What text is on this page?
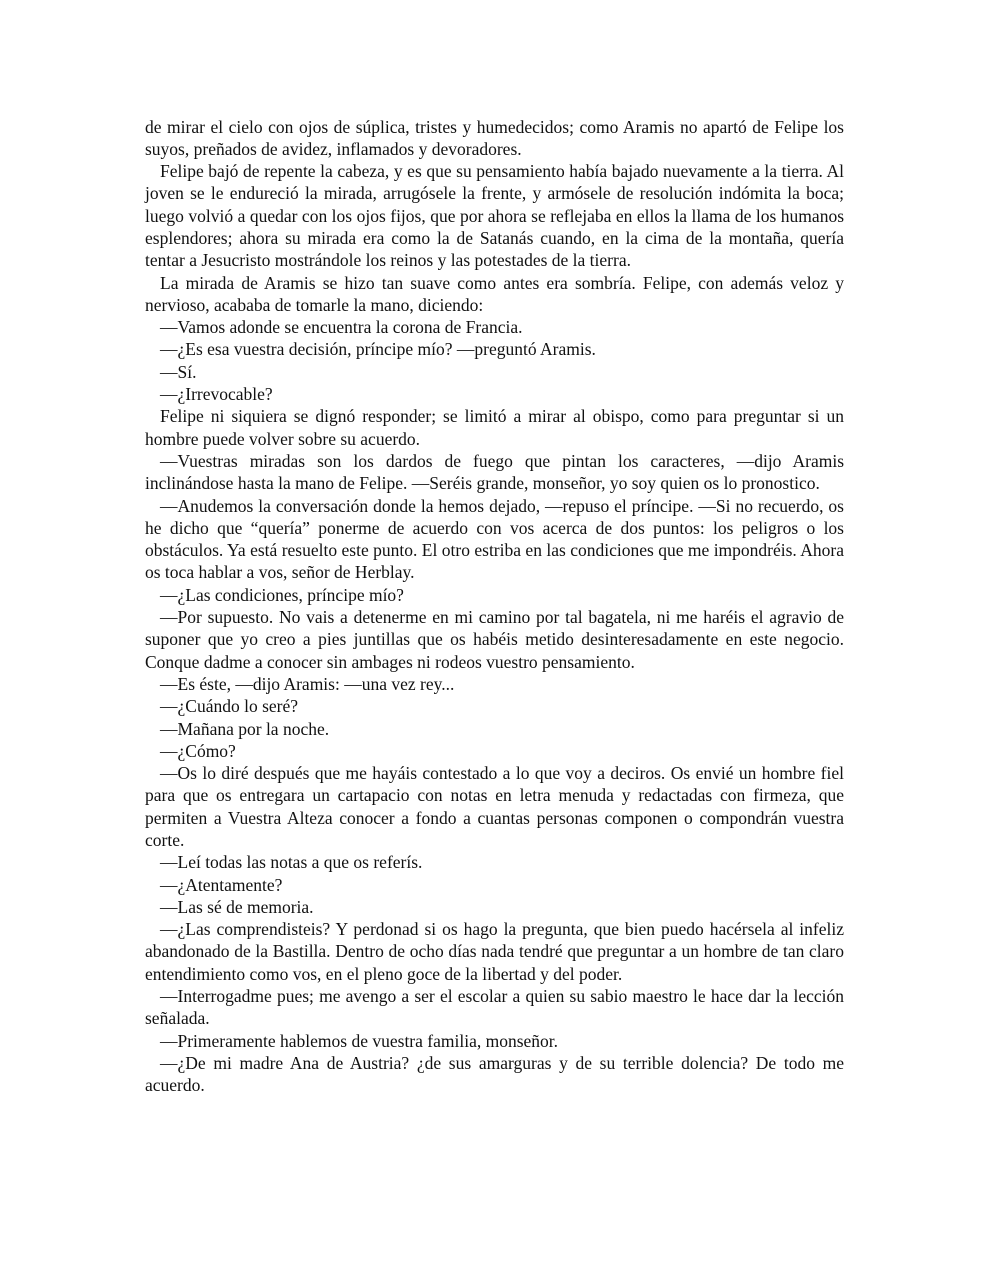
de mirar el cielo con ojos de súplica, tristes y humedecidos; como Aramis no apartó de Felipe los suyos, preñados de avidez, inflamados y devoradores.

Felipe bajó de repente la cabeza, y es que su pensamiento había bajado nuevamente a la tierra. Al joven se le endureció la mirada, arrugósele la frente, y armósele de resolución indómita la boca; luego volvió a quedar con los ojos fijos, que por ahora se reflejaba en ellos la llama de los humanos esplendores; ahora su mirada era como la de Satanás cuando, en la cima de la montaña, quería tentar a Jesucristo mostrándole los reinos y las potestades de la tierra.

La mirada de Aramis se hizo tan suave como antes era sombría. Felipe, con además veloz y nervioso, acababa de tomarle la mano, diciendo:

—Vamos adonde se encuentra la corona de Francia.

—¿Es esa vuestra decisión, príncipe mío? —preguntó Aramis.

—Sí.

—¿Irrevocable?

Felipe ni siquiera se dignó responder; se limitó a mirar al obispo, como para preguntar si un hombre puede volver sobre su acuerdo.

—Vuestras miradas son los dardos de fuego que pintan los caracteres, —dijo Aramis inclinándose hasta la mano de Felipe. —Seréis grande, monseñor, yo soy quien os lo pronostico.

—Anudemos la conversación donde la hemos dejado, —repuso el príncipe. —Si no recuerdo, os he dicho que “quería” ponerme de acuerdo con vos acerca de dos puntos: los peligros o los obstáculos. Ya está resuelto este punto. El otro estriba en las condiciones que me impondréis. Ahora os toca hablar a vos, señor de Herblay.

—¿Las condiciones, príncipe mío?

—Por supuesto. No vais a detenerme en mi camino por tal bagatela, ni me haréis el agravio de suponer que yo creo a pies juntillas que os habéis metido desinteresadamente en este negocio. Conque dadme a conocer sin ambages ni rodeos vuestro pensamiento.

—Es éste, —dijo Aramis: —una vez rey...

—¿Cuándo lo seré?

—Mañana por la noche.

—¿Cómo?

—Os lo diré después que me hayáis contestado a lo que voy a deciros. Os envié un hombre fiel para que os entregara un cartapacio con notas en letra menuda y redactadas con firmeza, que permiten a Vuestra Alteza conocer a fondo a cuantas personas componen o compondrán vuestra corte.

—Leí todas las notas a que os referís.

—¿Atentamente?

—Las sé de memoria.

—¿Las comprendisteis? Y perdonad si os hago la pregunta, que bien puedo hacérsela al infeliz abandonado de la Bastilla. Dentro de ocho días nada tendré que preguntar a un hombre de tan claro entendimiento como vos, en el pleno goce de la libertad y del poder.

—Interrogadme pues; me avengo a ser el escolar a quien su sabio maestro le hace dar la lección señalada.

—Primeramente hablemos de vuestra familia, monseñor.

—¿De mi madre Ana de Austria? ¿de sus amarguras y de su terrible dolencia? De todo me acuerdo.
